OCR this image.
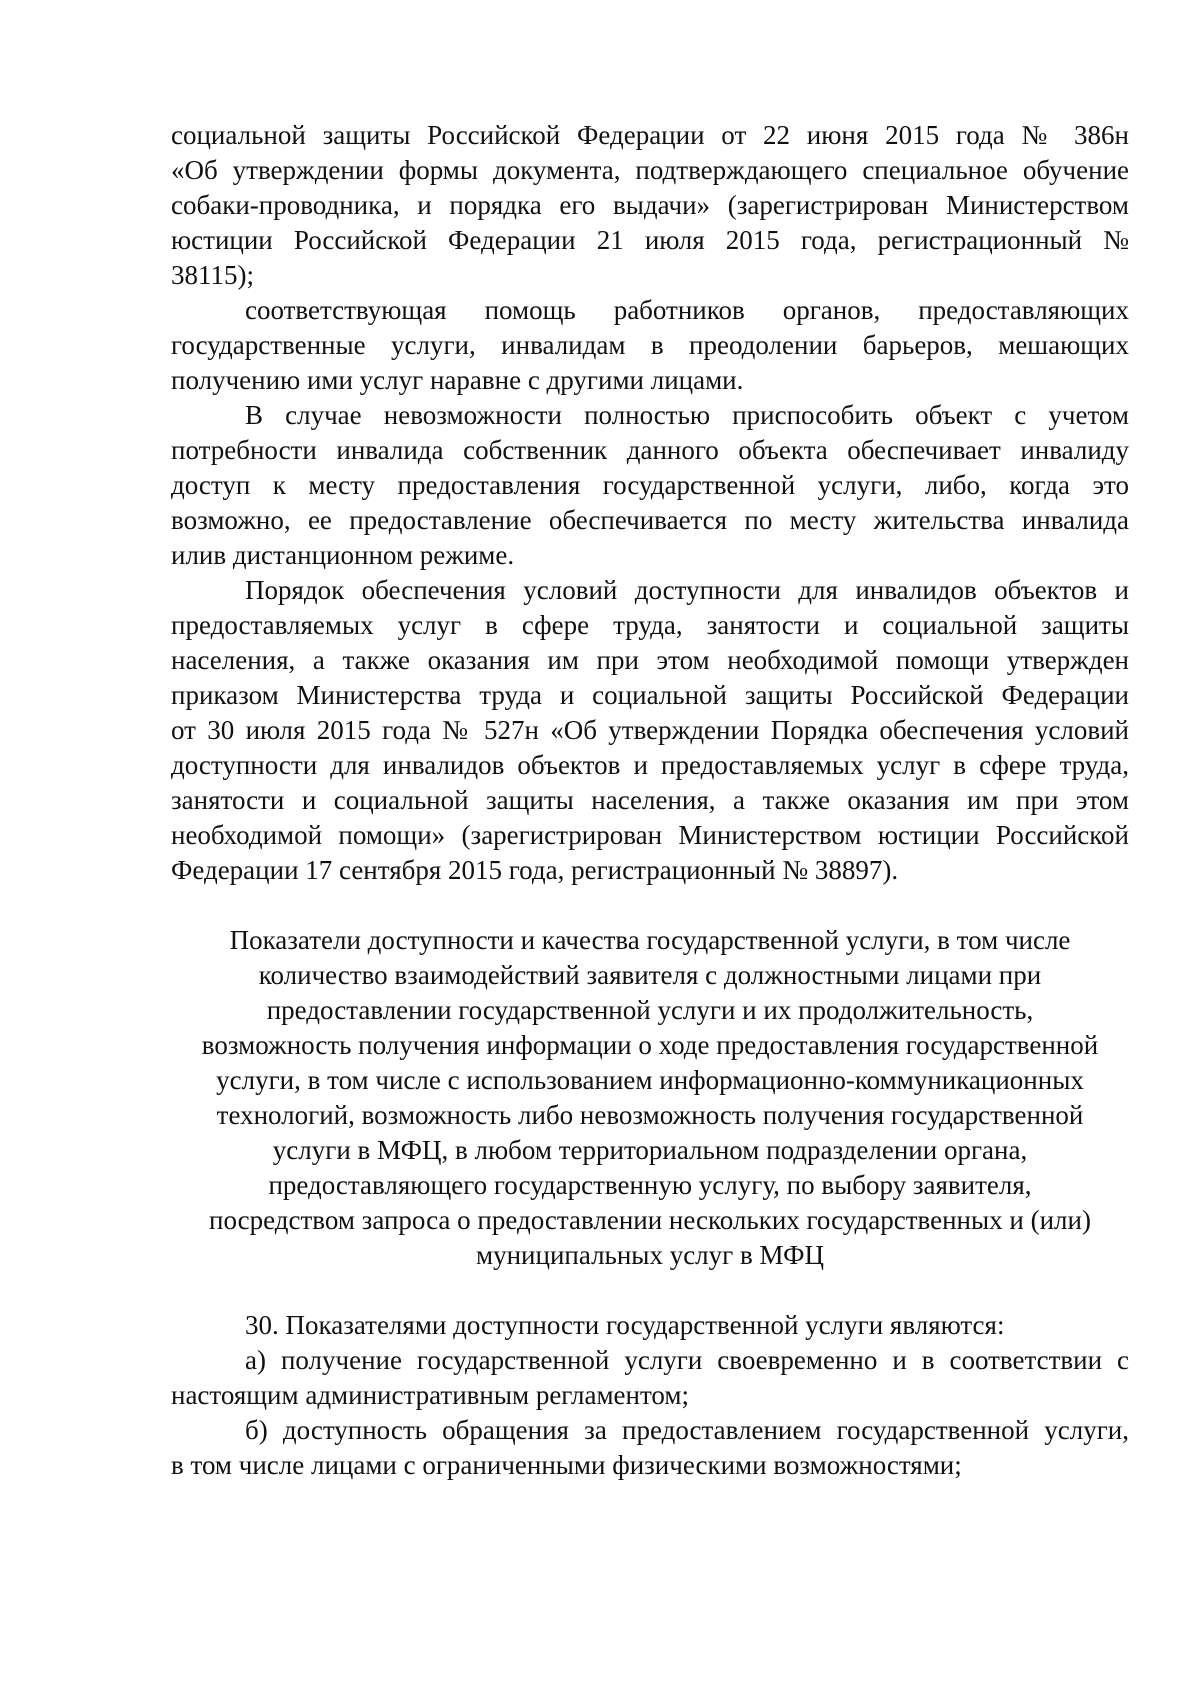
социальной защиты Российской Федерации от 22 июня 2015 года № 386н
«Об утверждении формы документа, подтверждающего специальное обучение
собаки-проводника, и порядка его выдачи» (зарегистрирован Министерством
юстиции Российской Федерации 21 июля 2015 года, регистрационный №
38115);
соответствующая помощь работников органов, предоставляющих
государственные услуги, инвалидам в преодолении барьеров, мешающих
получению ими услуг наравне с другими лицами.
В случае невозможности полностью приспособить объект с учетом
потребности инвалида собственник данного объекта обеспечивает инвалиду
доступ к месту предоставления государственной услуги, либо, когда это
возможно, ее предоставление обеспечивается по месту жительства инвалида
илив дистанционном режиме.
Порядок обеспечения условий доступности для инвалидов объектов и
предоставляемых услуг в сфере труда, занятости и социальной защиты
населения, а также оказания им при этом необходимой помощи утвержден
приказом Министерства труда и социальной защиты Российской Федерации
от 30 июля 2015 года № 527н «Об утверждении Порядка обеспечения условий
доступности для инвалидов объектов и предоставляемых услуг в сфере труда,
занятости и социальной защиты населения, а также оказания им при этом
необходимой помощи» (зарегистрирован Министерством юстиции Российской
Федерации 17 сентября 2015 года, регистрационный № 38897).
Показатели доступности и качества государственной услуги, в том числе
количество взаимодействий заявителя с должностными лицами при
предоставлении государственной услуги и их продолжительность,
возможность получения информации о ходе предоставления государственной
услуги, в том числе с использованием информационно-коммуникационных
технологий, возможность либо невозможность получения государственной
услуги в МФЦ, в любом территориальном подразделении органа,
предоставляющего государственную услугу, по выбору заявителя,
посредством запроса о предоставлении нескольких государственных и (или)
муниципальных услуг в МФЦ
30. Показателями доступности государственной услуги являются:
а) получение государственной услуги своевременно и в соответствии с
настоящим административным регламентом;
б) доступность обращения за предоставлением государственной услуги,
в том числе лицами с ограниченными физическими возможностями;
